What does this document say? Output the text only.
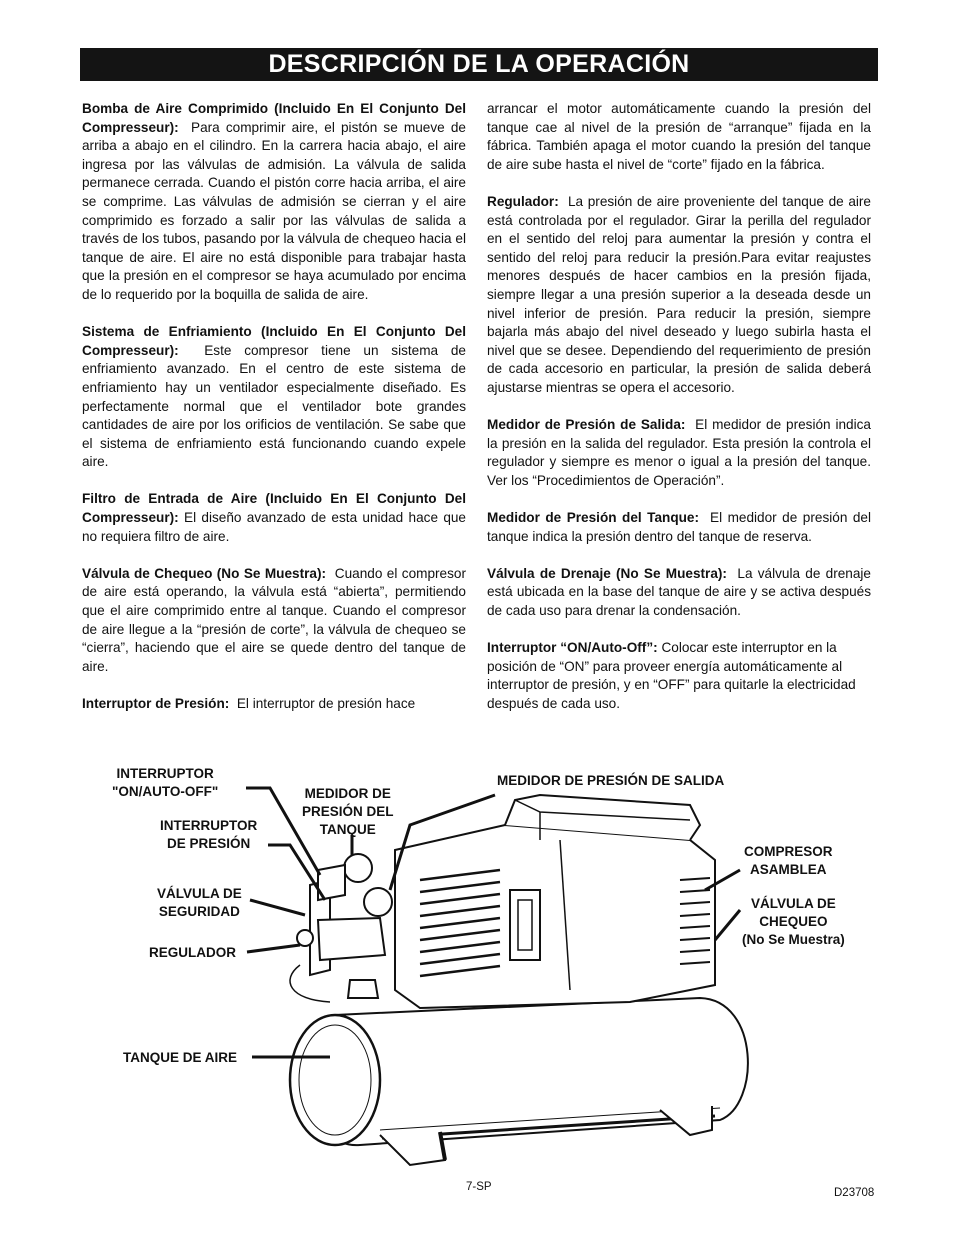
DESCRIPCIÓN DE LA OPERACIÓN

Bomba de Aire Comprimido (Incluido En El Conjunto Del Compresseur): Para comprimir aire, el pistón se mueve de arriba a abajo en el cilindro. En la carrera hacia abajo, el aire ingresa por las válvulas de admisión. La válvula de salida permanece cerrada. Cuando el pistón corre hacia arriba, el aire se comprime. Las válvulas de admisión se cierran y el aire comprimido es forzado a salir por las válvulas de salida a través de los tubos, pasando por la válvula de chequeo hacia el tanque de aire. El aire no está disponible para trabajar hasta que la presión en el compresor se haya acumulado por encima de lo requerido por la boquilla de salida de aire.

Sistema de Enfriamiento (Incluido En El Conjunto Del Compresseur): Este compresor tiene un sistema de enfriamiento avanzado. En el centro de este sistema de enfriamiento hay un ventilador especialmente diseñado. Es perfectamente normal que el ventilador bote grandes cantidades de aire por los orificios de ventilación. Se sabe que el sistema de enfriamiento está funcionando cuando expele aire.

Filtro de Entrada de Aire (Incluido En El Conjunto Del Compresseur): El diseño avanzado de esta unidad hace que no requiera filtro de aire.

Válvula de Chequeo (No Se Muestra): Cuando el compresor de aire está operando, la válvula está “abierta”, permitiendo que el aire comprimido entre al tanque. Cuando el compresor de aire llegue a la “presión de corte”, la válvula de chequeo se “cierra”, haciendo que el aire se quede dentro del tanque de aire.

Interruptor de Presión: El interruptor de presión hace

arrancar el motor automáticamente cuando la presión del tanque cae al nivel de la presión de “arranque” fijada en la fábrica. También apaga el motor cuando la presión del tanque de aire sube hasta el nivel de “corte” fijado en la fábrica.

Regulador: La presión de aire proveniente del tanque de aire está controlada por el regulador. Girar la perilla del regulador en el sentido del reloj para aumentar la presión y contra el sentido del reloj para reducir la presión.Para evitar reajustes menores después de hacer cambios en la presión fijada, siempre llegar a una presión superior a la deseada desde un nivel inferior de presión. Para reducir la presión, siempre bajarla más abajo del nivel deseado y luego subirla hasta el nivel que se desee. Dependiendo del requerimiento de presión de cada accesorio en particular, la presión de salida deberá ajustarse mientras se opera el accesorio.

Medidor de Presión de Salida: El medidor de presión indica la presión en la salida del regulador. Esta presión la controla el regulador y siempre es menor o igual a la presión del tanque. Ver los “Procedimientos de Operación”.

Medidor de Presión del Tanque: El medidor de presión del tanque indica la presión dentro del tanque de reserva.

Válvula de Drenaje (No Se Muestra): La válvula de drenaje está ubicada en la base del tanque de aire y se activa después de cada uso para drenar la condensación.

Interruptor “ON/Auto-Off”: Colocar este interruptor en la posición de “ON” para proveer energía automáticamente al interruptor de presión, y en “OFF” para quitarle la electricidad después de cada uso.

INTERRUPTOR
"ON/AUTO-OFF"	MEDIDOR DE
PRESIÓN DEL
TANQUE
INTERRUPTOR
DE PRESIÓN
VÁLVULA DE
SEGURIDAD
REGULADOR
TANQUE DE AIRE
MEDIDOR DE PRESIÓN DE SALIDA
COMPRESOR
ASAMBLEA
VÁLVULA DE
CHEQUEO
(No Se Muestra)
7-SP	D23708
